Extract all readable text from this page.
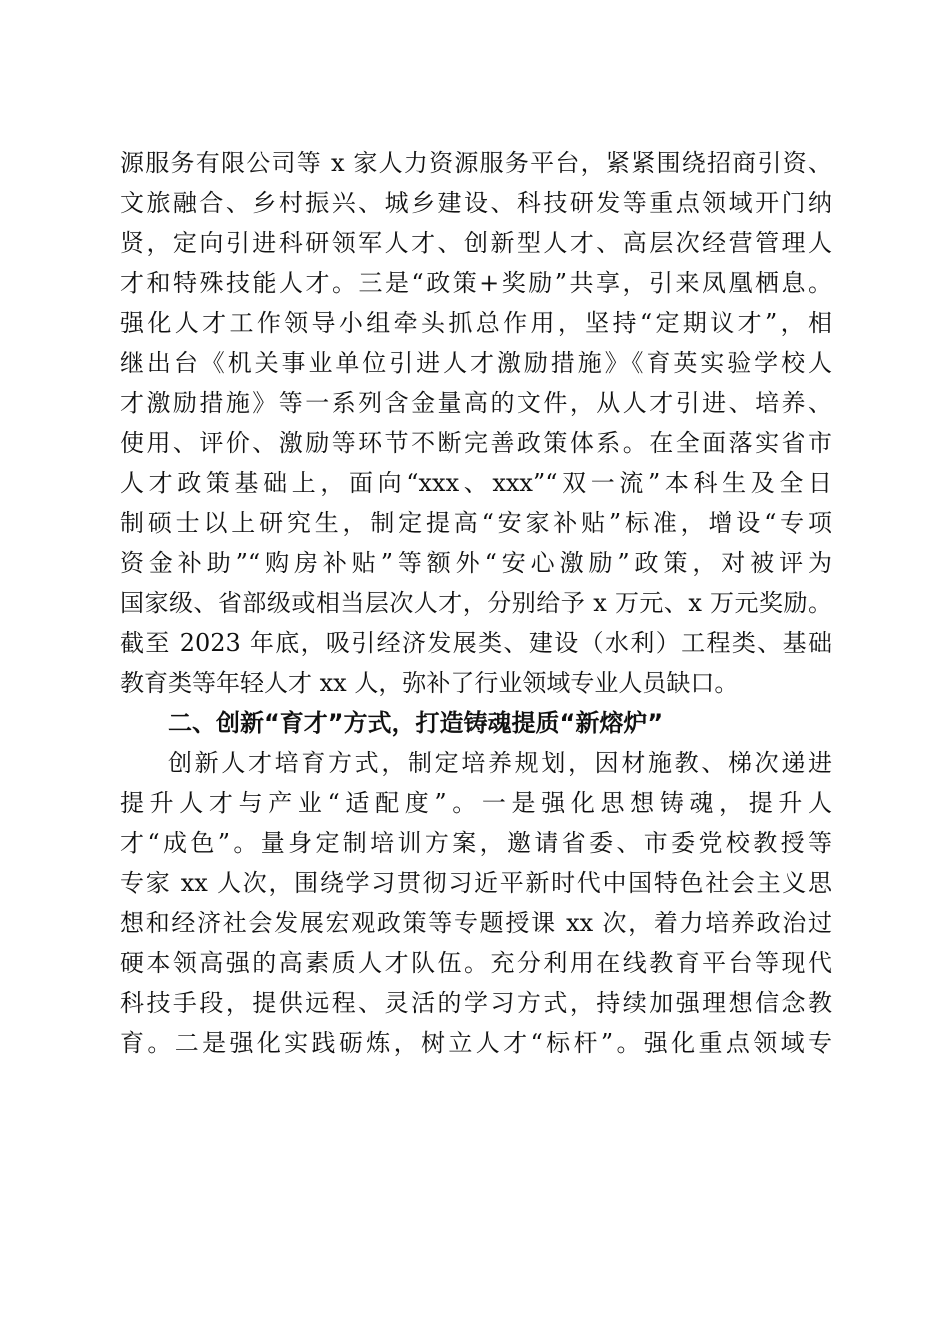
源服务有限公司等 x 家人力资源服务平台，紧紧围绕招商引资、
文旅融合、乡村振兴、城乡建设、科技研发等重点领域开门纳
贤，定向引进科研领军人才、创新型人才、高层次经营管理人
才和特殊技能人才。三是“政策+奖励”共享，引来凤凰栖息。
强化人才工作领导小组牵头抓总作用，坚持“定期议才”，相
继出台《机关事业单位引进人才激励措施》《育英实验学校人
才激励措施》等一系列含金量高的文件，从人才引进、培养、
使用、评价、激励等环节不断完善政策体系。在全面落实省市
人才政策基础上，面向“xxx、xxx”“双一流”本科生及全日
制硕士以上研究生，制定提高“安家补贴”标准，增设“专项
资金补助”“购房补贴”等额外“安心激励”政策，对被评为
国家级、省部级或相当层次人才，分别给予 x 万元、x 万元奖励。
截至 2023 年底，吸引经济发展类、建设（水利）工程类、基础
教育类等年轻人才 xx 人，弥补了行业领域专业人员缺口。
二、创新“育才”方式，打造铸魂提质“新熔炉”
创新人才培育方式，制定培养规划，因材施教、梯次递进
提升人才与产业“适配度”。一是强化思想铸魂，提升人
才“成色”。量身定制培训方案，邀请省委、市委党校教授等
专家 xx 人次，围绕学习贯彻习近平新时代中国特色社会主义思
想和经济社会发展宏观政策等专题授课 xx 次，着力培养政治过
硬本领高强的高素质人才队伍。充分利用在线教育平台等现代
科技手段，提供远程、灵活的学习方式，持续加强理想信念教
育。二是强化实践砺炼，树立人才“标杆”。强化重点领域专
